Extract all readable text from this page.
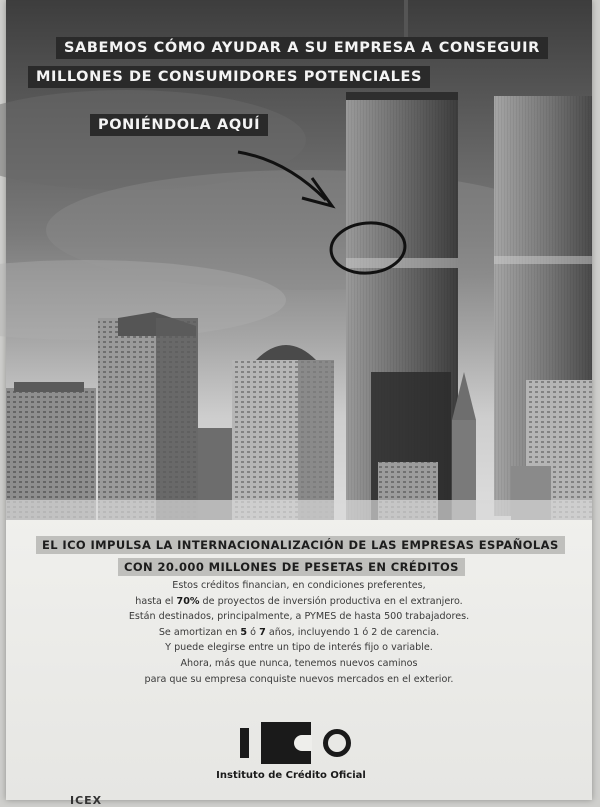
SABEMOS CÓMO AYUDAR A SU EMPRESA A CONSEGUIR
MILLONES DE CONSUMIDORES POTENCIALES
PONIÉNDOLA AQUÍ
EL ICO IMPULSA LA INTERNACIONALIZACIÓN DE LAS EMPRESAS ESPAÑOLAS
CON 20.000 MILLONES DE PESETAS EN CRÉDITOS
Estos créditos financian, en condiciones preferentes,
hasta el 70% de proyectos de inversión productiva en el extranjero.
Están destinados, principalmente, a PYMES de hasta 500 trabajadores.
Se amortizan en 5 ó 7 años, incluyendo 1 ó 2 de carencia.
Y puede elegirse entre un tipo de interés fijo o variable.
Ahora, más que nunca, tenemos nuevos caminos
para que su empresa conquiste nuevos mercados en el exterior.
Instituto de Crédito Oficial
ICEX
